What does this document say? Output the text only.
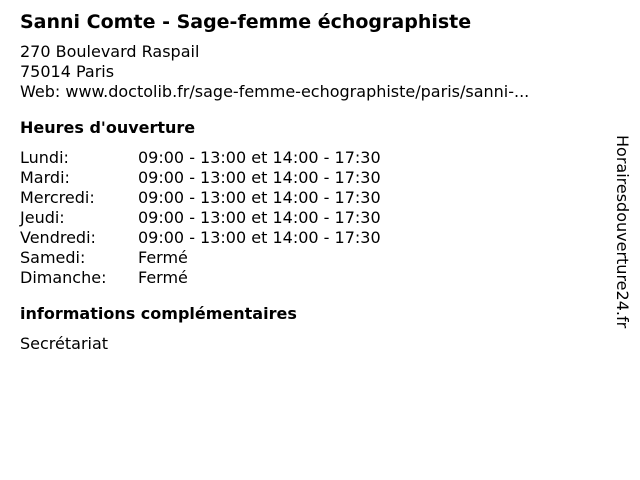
Sanni Comte - Sage-femme échographiste
270 Boulevard Raspail
75014 Paris
Web: www.doctolib.fr/sage-femme-echographiste/paris/sanni-...
Heures d'ouverture
Lundi:	09:00 - 13:00 et 14:00 - 17:30
Mardi:	09:00 - 13:00 et 14:00 - 17:30
Mercredi:	09:00 - 13:00 et 14:00 - 17:30
Jeudi:	09:00 - 13:00 et 14:00 - 17:30
Vendredi:	09:00 - 13:00 et 14:00 - 17:30
Samedi:	Fermé
Dimanche:	Fermé
informations complémentaires
Secrétariat
Horairesdouverture24.fr
